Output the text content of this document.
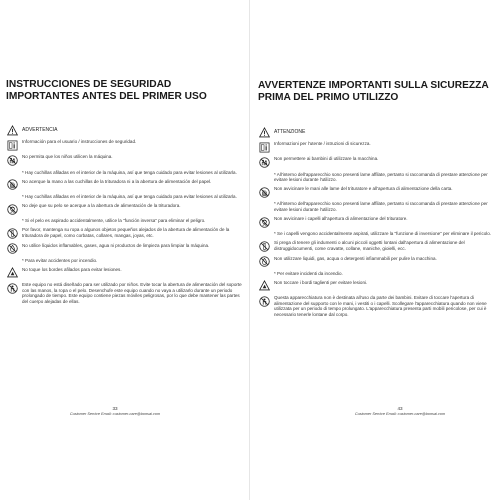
INSTRUCCIONES DE SEGURIDAD
IMPORTANTES ANTES DEL PRIMER USO
ADVERTENCIA
Información para el usuario / instrucciones de seguridad.
No permita que los niños utilicen la máquina.
* Hay cuchillas afiladas en el interior de la máquina, así que tenga cuidado para evitar lesiones al utilizarla.
No acerque la mano a las cuchillas de la trituradora ni a la abertura de alimentación del papel.
* Hay cuchillas afiladas en el interior de la máquina, así que tenga cuidado para evitar lesiones al utilizarla.
No deje que su pelo se acerque a la abertura de alimentación de la trituradora.
* Si el pelo es aspirado accidentalmente, utilice la "función inversa" para eliminar el peligro.
Por favor, mantenga su ropa o algunos objetos pequeños alejados de la abertura de alimentación de la trituradora de papel, como corbatas, collares, mangas, joyas, etc.
No utilice líquidos inflamables, gases, agua ni productos de limpieza para limpiar la máquina.
* Para evitar accidentes por incendio.
No toque los bordes afilados para evitar lesiones.
Este equipo no está diseñado para ser utilizado por niños. Evite tocar la abertura de alimentación del soporte con las manos, la ropa o el pelo. Desenchufe este equipo cuando no vaya a utilizarlo durante un periodo prolongado de tiempo. Este equipo contiene piezas móviles peligrosas, por lo que debe mantener las partes del cuerpo alejadas de ellas.
33
Customer Service Email: customer-care@bonsai.com
ATTENZIONE
Informazioni per l'utente / istruzioni di sicurezza.
Non permettere ai bambini di utilizzare la macchina.
* All'interno dell'apparecchio sono presenti lame affilate, pertanto si raccomanda di prestare attenzione per evitare lesioni durante l'utilizzo.
Non avvicinare le mani alle lame del trituratore e all'apertura di alimentazione della carta.
* All'interno dell'apparecchio sono presenti lame affilate, pertanto si raccomanda di prestare attenzione per evitare lesioni durante l'utilizzo.
Non avvicinare i capelli all'apertura di alimentazione del trituratore.
* Se i capelli vengono accidentalmente aspirati, utilizzare la "funzione di inversione" per eliminare il pericolo.
Si prega di tenere gli indumenti o alcuni piccoli oggetti lontani dall'apertura di alimentazione del distruggidocumenti, come cravatte, collane, maniche, gioielli, ecc.
Non utilizzare liquidi, gas, acqua o detergenti infiammabili per pulire la macchina.
* Per evitare incidenti da incendio.
Non toccare i bordi taglienti per evitare lesioni.
Questa apparecchiatura non è destinata all'uso da parte dei bambini. Evitare di toccare l'apertura di alimentazione del supporto con le mani, i vestiti o i capelli. Scollegare l'apparecchiatura quando non viene utilizzata per un periodo di tempo prolungato. L'apparecchiatura presenta parti mobili pericolose, per cui è necessario tenerle lontane dal corpo.
43
Customer Service Email: customer-care@bonsai.com
AVVERTENZE IMPORTANTI SULLA SICUREZZA
PRIMA DEL PRIMO UTILIZZO
